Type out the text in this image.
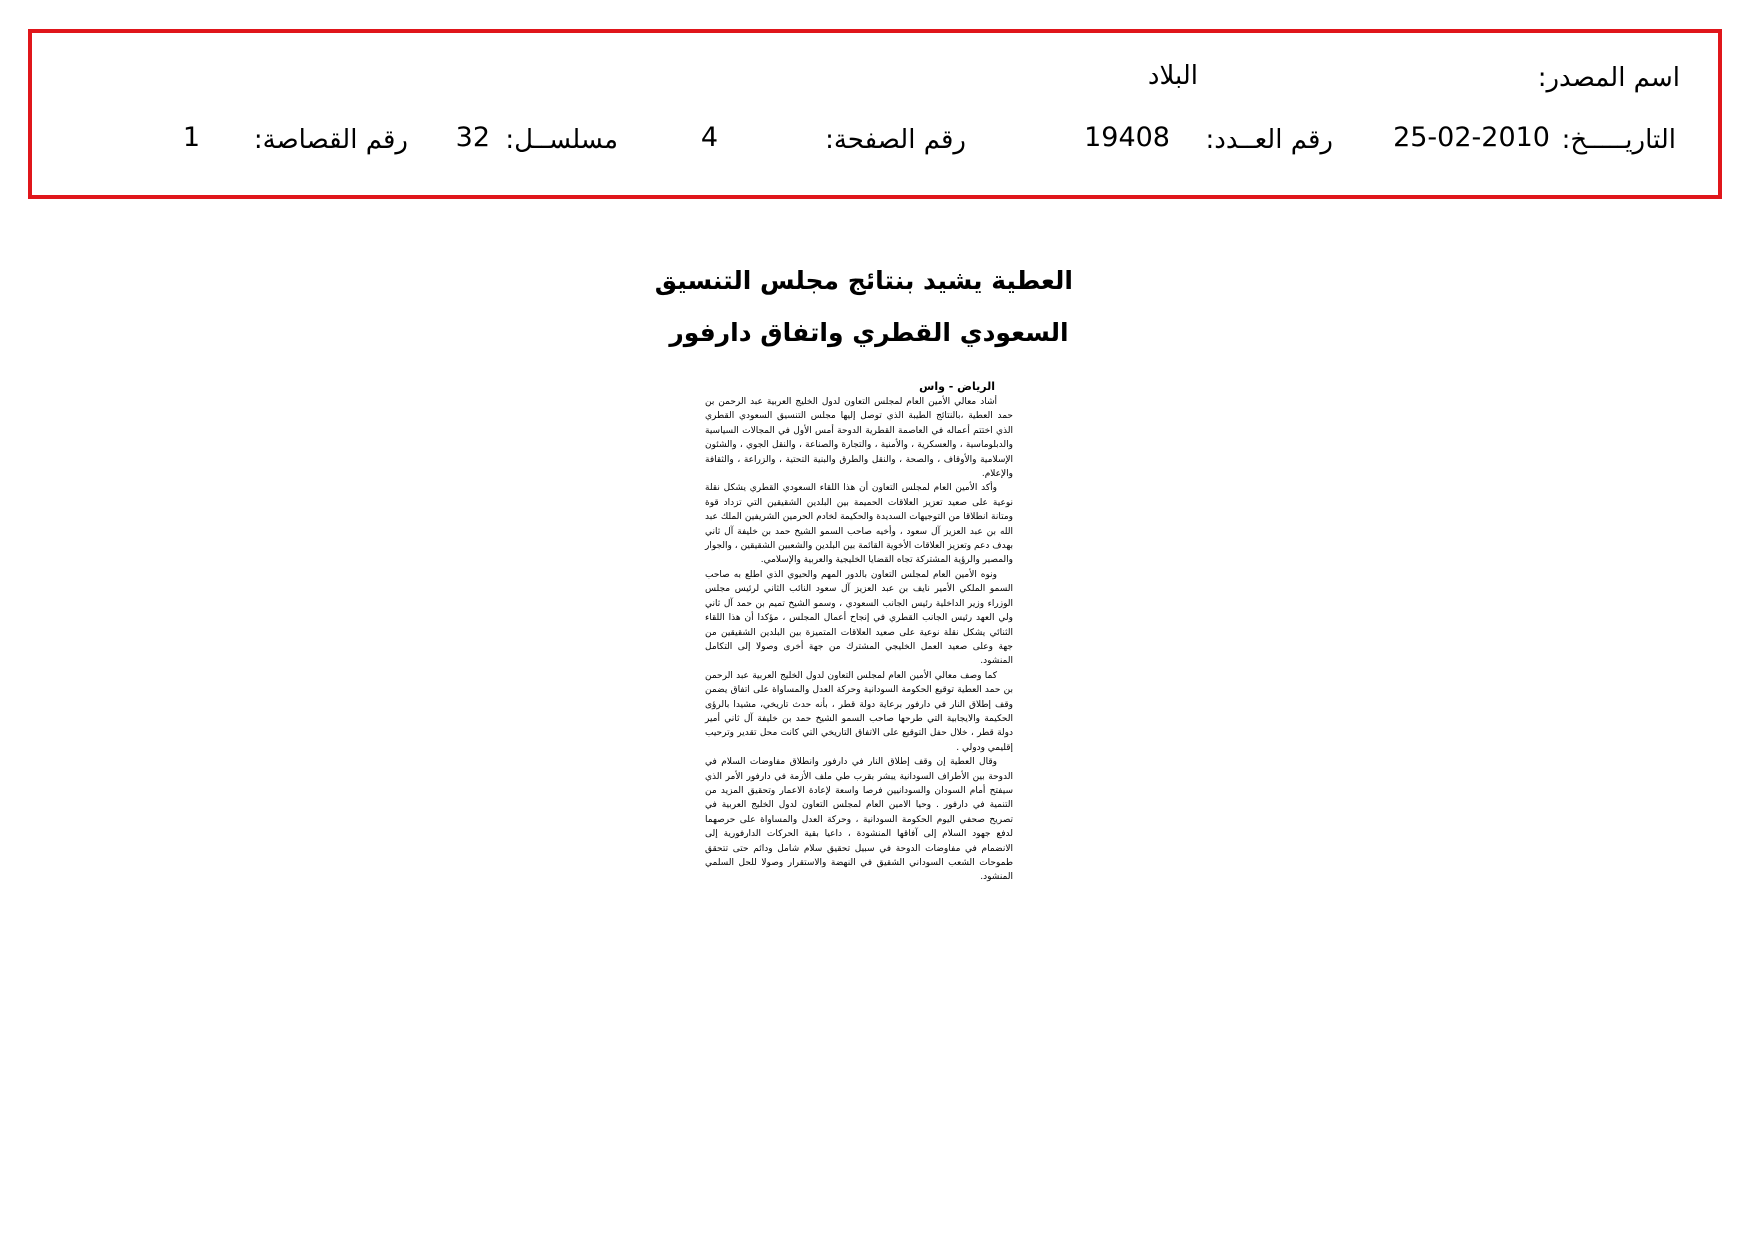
اسم المصدر:
البلاد
التاريـــــخ:
25-02-2010
رقم العــدد:
19408
رقم الصفحة:
4
مسلســل:
32
رقم القصاصة:
1
العطية يشيد بنتائج مجلس التنسيق
السعودي القطري واتفاق دارفور
الرياض - واس

أشاد معالي الأمين العام لمجلس التعاون لدول الخليج العربية عبد الرحمن بن حمد العطية ،بالنتائج الطيبة الذي توصل إليها مجلس التنسيق السعودي القطري الذي اختتم أعماله في العاصمة القطرية الدوحة أمس الأول في المجالات السياسية والدبلوماسية ، والعسكرية ، والأمنية ، والتجارة والصناعة ، والنقل الجوي ، والشئون الإسلامية والأوقاف ، والصحة ، والنقل والطرق والبنية التحتية ، والزراعة ، والثقافة والإعلام.

وأكد الأمين العام لمجلس التعاون أن هذا اللقاء السعودي القطري يشكل نقلة نوعية على صعيد تعزيز العلاقات الحميمة بين البلدين الشقيقين التي تزداد قوة ومتانة انطلاقا من التوجيهات السديدة والحكيمة لخادم الحرمين الشريفين الملك عبد الله بن عبد العزيز آل سعود ، وأخيه صاحب السمو الشيخ حمد بن خليفة آل ثاني بهدف دعم وتعزيز العلاقات الأخوية القائمة بين البلدين والشعبين الشقيقين ، والجوار والمصير والرؤية المشتركة تجاه القضايا الخليجية والعربية والإسلامي.

ونوه الأمين العام لمجلس التعاون بالدور المهم والحيوي الذي اطلع به صاحب السمو الملكي الأمير نايف بن عبد العزيز آل سعود النائب الثاني لرئيس مجلس الوزراء وزير الداخلية رئيس الجانب السعودي ، وسمو الشيخ تميم بن حمد آل ثاني ولي العهد رئيس الجانب القطري في إنجاح أعمال المجلس ، مؤكدا أن هذا اللقاء الثنائي يشكل نقلة نوعية على صعيد العلاقات المتميزة بين البلدين الشقيقين من جهة وعلى صعيد العمل الخليجي المشترك من جهة أخرى وصولا إلى التكامل المنشود.

كما وصف معالي الأمين العام لمجلس التعاون لدول الخليج العربية عبد الرحمن بن حمد العطية توقيع الحكومة السودانية وحركة العدل والمساواة على اتفاق يضمن وقف إطلاق النار في دارفور برعاية دولة قطر ، بأنه حدث تاريخي، مشيدا بالرؤى الحكيمة والايجابية التي طرحها صاحب السمو الشيخ حمد بن خليفة آل ثاني أمير دولة قطر ، خلال حفل التوقيع على الاتفاق التاريخي التي كانت محل تقدير وترحيب إقليمي ودولي .

وقال العطية إن وقف إطلاق النار في دارفور وانطلاق مفاوضات السلام في الدوحة بين الأطراف السودانية يبشر بقرب طي ملف الأزمة في دارفور الأمر الذي سيفتح أمام السودان والسودانيين فرصا واسعة لإعادة الاعمار وتحقيق المزيد من التنمية في دارفور . وحيا الامين العام لمجلس التعاون لدول الخليج العربية في تصريح صحفي اليوم الحكومة السودانية ، وحركة العدل والمساواة على حرصهما لدفع جهود السلام إلى آفاقها المنشودة ، داعيا بقية الحركات الدارفورية إلى الانضمام في مفاوضات الدوحة في سبيل تحقيق سلام شامل ودائم حتى تتحقق طموحات الشعب السوداني الشقيق في النهضة والاستقرار وصولا للحل السلمي المنشود.
